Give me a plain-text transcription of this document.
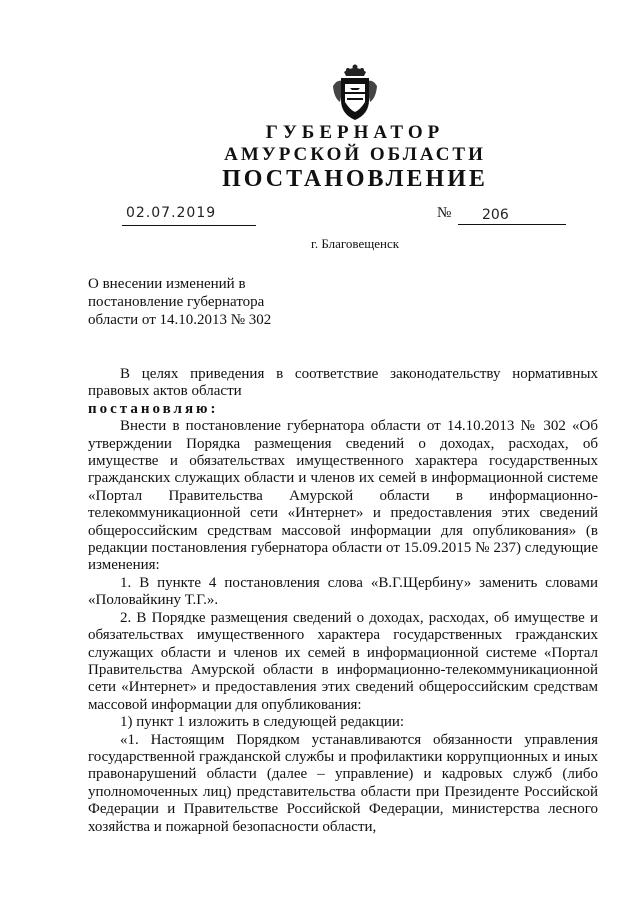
ГУБЕРНАТОР
АМУРСКОЙ ОБЛАСТИ
ПОСТАНОВЛЕНИЕ
02.07.2019	№	206
г. Благовещенск
О внесении изменений в
постановление губернатора
области от 14.10.2013 № 302

В целях приведения в соответствие законодательству нормативных правовых актов области

постановляю:

Внести в постановление губернатора области от 14.10.2013 № 302 «Об утверждении Порядка размещения сведений о доходах, расходах, об имуществе и обязательствах имущественного характера государственных гражданских служащих области и членов их семей в информационной системе «Портал Правительства Амурской области в информационно-телекоммуникационной сети «Интернет» и предоставления этих сведений общероссийским средствам массовой информации для опубликования» (в редакции постановления губернатора области от 15.09.2015 № 237) следующие изменения:

1. В пункте 4 постановления слова «В.Г.Щербину» заменить словами «Половайкину Т.Г.».

2. В Порядке размещения сведений о доходах, расходах, об имуществе и обязательствах имущественного характера государственных гражданских служащих области и членов их семей в информационной системе «Портал Правительства Амурской области в информационно-телекоммуникационной сети «Интернет» и предоставления этих сведений общероссийским средствам массовой информации для опубликования:

1) пункт 1 изложить в следующей редакции:

«1. Настоящим Порядком устанавливаются обязанности управления государственной гражданской службы и профилактики коррупционных и иных правонарушений области (далее – управление) и кадровых служб (либо уполномоченных лиц) представительства области при Президенте Российской Федерации и Правительстве Российской Федерации, министерства лесного хозяйства и пожарной безопасности области,
